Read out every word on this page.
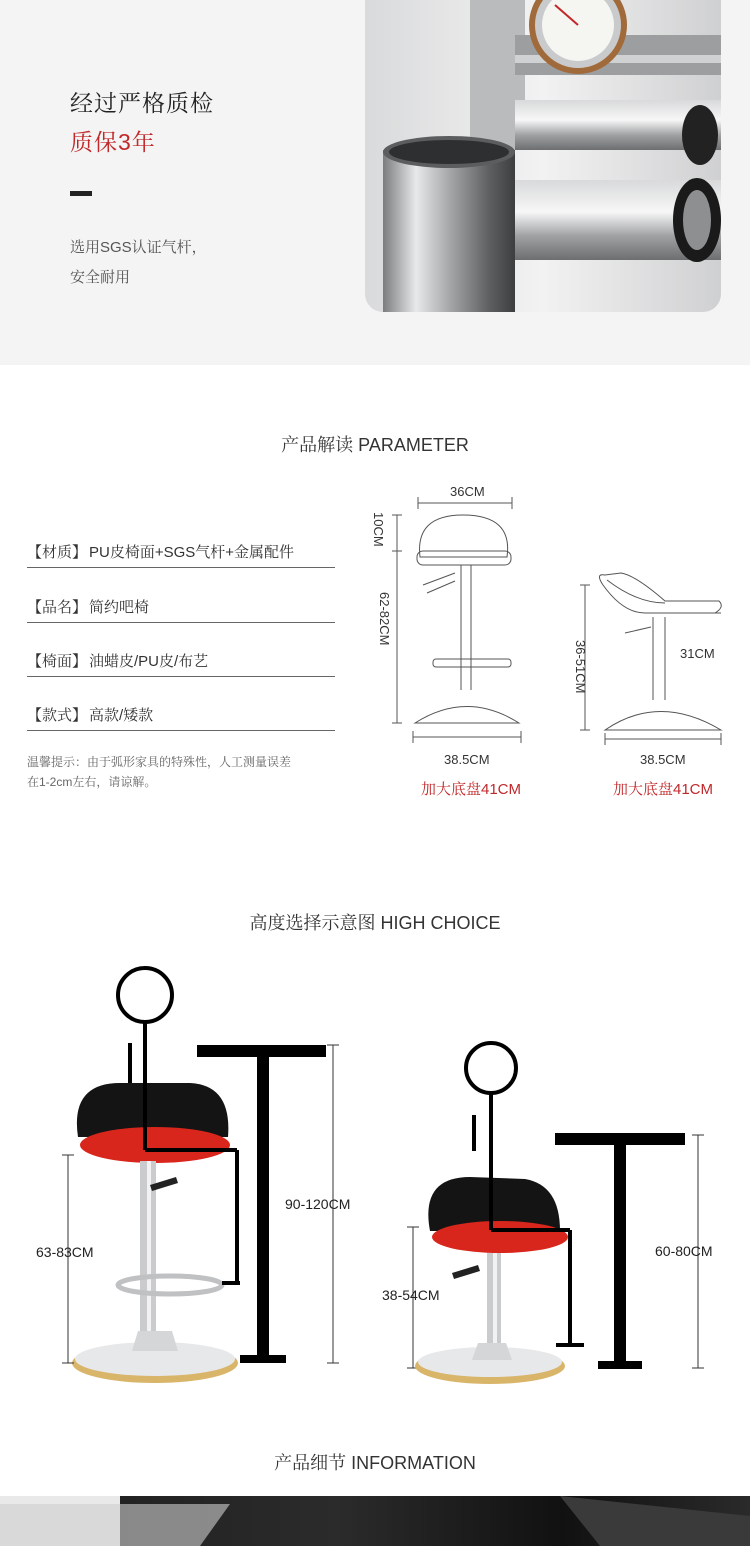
经过严格质检
质保3年
选用SGS认证气杆，
安全耐用
产品解读 PARAMETER
【材质】 PU皮椅面+SGS气杆+金属配件
【品名】 简约吧椅
【椅面】 油蜡皮/PU皮/布艺
【款式】 高款/矮款
温馨提示：由于弧形家具的特殊性，人工测量误差
在1-2cm左右，请谅解。
36CM
10CM
62-82CM
38.5CM
加大底盘41CM
31CM
36-51CM
38.5CM
加大底盘41CM
高度选择示意图 HIGH CHOICE
63-83CM
90-120CM
38-54CM
60-80CM
产品细节 INFORMATION
